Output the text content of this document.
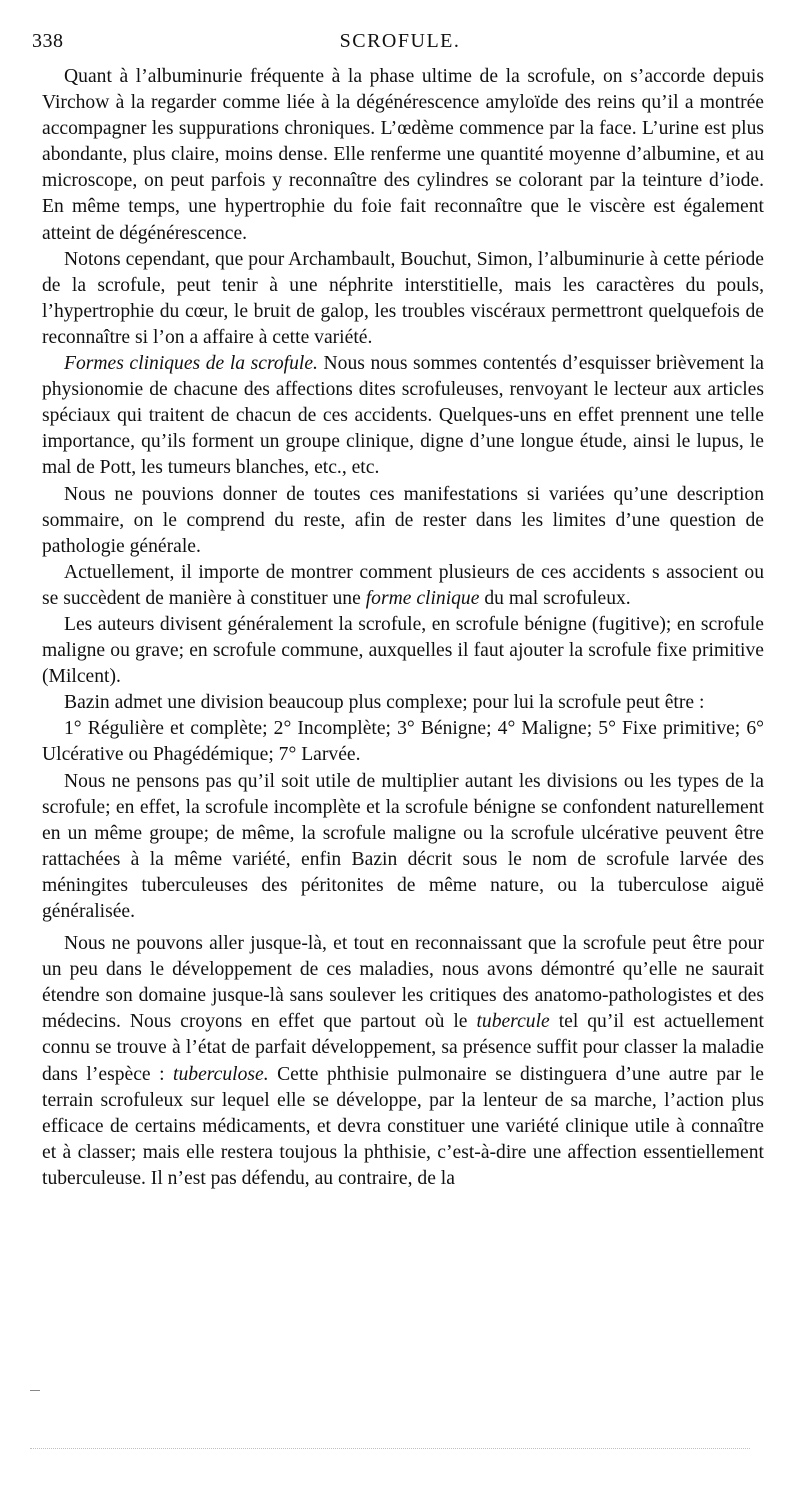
338	SCROFULE.

Quant à l’albuminurie fréquente à la phase ultime de la scrofule, on s’accorde depuis Virchow à la regarder comme liée à la dégénérescence amyloïde des reins qu’il a montrée accompagner les suppurations chroniques. L’œdème commence par la face. L’urine est plus abondante, plus claire, moins dense. Elle renferme une quantité moyenne d’albumine, et au microscope, on peut parfois y reconnaître des cylindres se colorant par la teinture d’iode. En même temps, une hypertrophie du foie fait reconnaître que le viscère est également atteint de dégénérescence.

Notons cependant, que pour Archambault, Bouchut, Simon, l’albuminurie à cette période de la scrofule, peut tenir à une néphrite interstitielle, mais les caractères du pouls, l’hypertrophie du cœur, le bruit de galop, les troubles viscéraux permettront quelquefois de reconnaître si l’on a affaire à cette variété.

Formes cliniques de la scrofule. Nous nous sommes contentés d’esquisser brièvement la physionomie de chacune des affections dites scrofuleuses, renvoyant le lecteur aux articles spéciaux qui traitent de chacun de ces accidents. Quelques-uns en effet prennent une telle importance, qu’ils forment un groupe clinique, digne d’une longue étude, ainsi le lupus, le mal de Pott, les tumeurs blanches, etc., etc.

Nous ne pouvions donner de toutes ces manifestations si variées qu’une description sommaire, on le comprend du reste, afin de rester dans les limites d’une question de pathologie générale.

Actuellement, il importe de montrer comment plusieurs de ces accidents s associent ou se succèdent de manière à constituer une forme clinique du mal scrofuleux.

Les auteurs divisent généralement la scrofule, en scrofule bénigne (fugitive); en scrofule maligne ou grave; en scrofule commune, auxquelles il faut ajouter la scrofule fixe primitive (Milcent).

Bazin admet une division beaucoup plus complexe; pour lui la scrofule peut être :

1° Régulière et complète; 2° Incomplète; 3° Bénigne; 4° Maligne; 5° Fixe primitive; 6° Ulcérative ou Phagédémique; 7° Larvée.

Nous ne pensons pas qu’il soit utile de multiplier autant les divisions ou les types de la scrofule; en effet, la scrofule incomplète et la scrofule bénigne se confondent naturellement en un même groupe; de même, la scrofule maligne ou la scrofule ulcérative peuvent être rattachées à la même variété, enfin Bazin décrit sous le nom de scrofule larvée des méningites tuberculeuses des péritonites de même nature, ou la tuberculose aiguë généralisée.

Nous ne pouvons aller jusque-là, et tout en reconnaissant que la scrofule peut être pour un peu dans le développement de ces maladies, nous avons démontré qu’elle ne saurait étendre son domaine jusque-là sans soulever les critiques des anatomo-pathologistes et des médecins. Nous croyons en effet que partout où le tubercule tel qu’il est actuellement connu se trouve à l’état de parfait développement, sa présence suffit pour classer la maladie dans l’espèce : tuberculose. Cette phthisie pulmonaire se distinguera d’une autre par le terrain scrofuleux sur lequel elle se développe, par la lenteur de sa marche, l’action plus efficace de certains médicaments, et devra constituer une variété clinique utile à connaître et à classer; mais elle restera toujous la phthisie, c’est-à-dire une affection essentiellement tuberculeuse. Il n’est pas défendu, au contraire, de la
